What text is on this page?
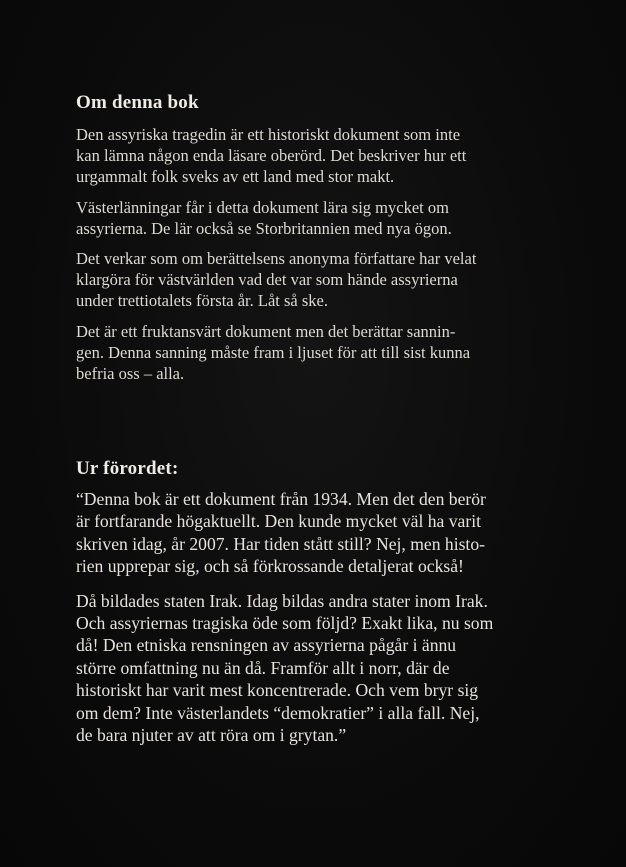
Om denna bok

Den assyriska tragedin är ett historiskt dokument som inte
kan lämna någon enda läsare oberörd. Det beskriver hur ett
urgammalt folk sveks av ett land med stor makt.

Västerlänningar får i detta dokument lära sig mycket om
assyrierna. De lär också se Storbritannien med nya ögon.

Det verkar som om berättelsens anonyma författare har velat
klargöra för västvärlden vad det var som hände assyrierna
under trettiotalets första år. Låt så ske.

Det är ett fruktansvärt dokument men det berättar sannin-
gen. Denna sanning måste fram i ljuset för att till sist kunna
befria oss – alla.

Ur förordet:

“Denna bok är ett dokument från 1934. Men det den berör
är fortfarande högaktuellt. Den kunde mycket väl ha varit
skriven idag, år 2007. Har tiden stått still? Nej, men histo-
rien upprepar sig, och så förkrossande detaljerat också!

Då bildades staten Irak. Idag bildas andra stater inom Irak.
Och assyriernas tragiska öde som följd? Exakt lika, nu som
då! Den etniska rensningen av assyrierna pågår i ännu
större omfattning nu än då. Framför allt i norr, där de
historiskt har varit mest koncentrerade. Och vem bryr sig
om dem? Inte västerlandets “demokratier” i alla fall. Nej,
de bara njuter av att röra om i grytan.”
